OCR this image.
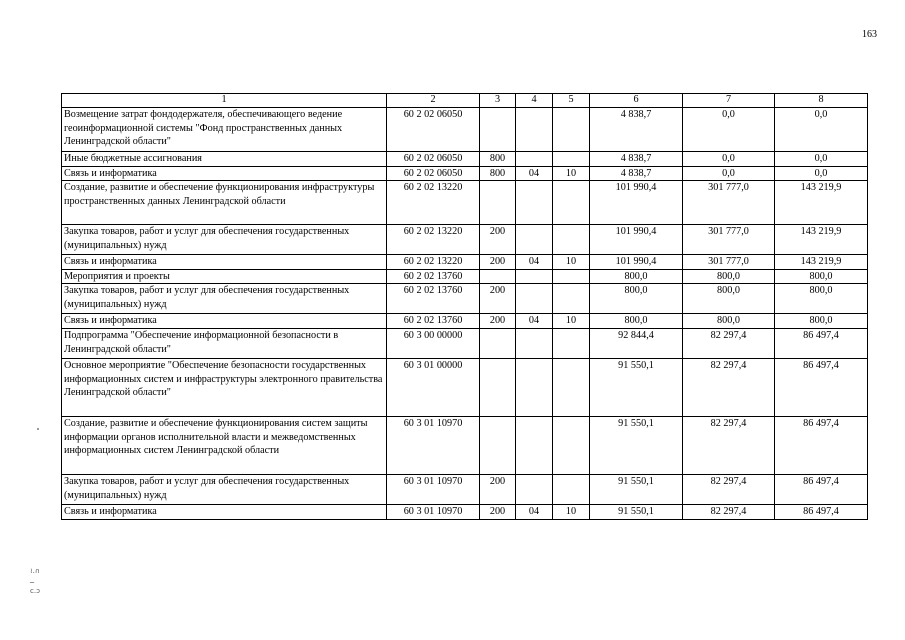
163
1	2	3	4	5	6	7	8
Возмещение затрат фондодержателя, обеспечивающего ведение геоинформационной системы "Фонд пространственных данных Ленинградской области"	60 2 02 06050				4 838,7	0,0	0,0
Иные бюджетные ассигнования	60 2 02 06050	800			4 838,7	0,0	0,0
Связь и информатика	60 2 02 06050	800	04	10	4 838,7	0,0	0,0
Создание, развитие и обеспечение функционирования инфраструктуры пространственных данных Ленинградской области	60 2 02 13220				101 990,4	301 777,0	143 219,9
Закупка товаров, работ и услуг для обеспечения государственных (муниципальных) нужд	60 2 02 13220	200			101 990,4	301 777,0	143 219,9
Связь и информатика	60 2 02 13220	200	04	10	101 990,4	301 777,0	143 219,9
Мероприятия и проекты	60 2 02 13760				800,0	800,0	800,0
Закупка товаров, работ и услуг для обеспечения государственных (муниципальных) нужд	60 2 02 13760	200			800,0	800,0	800,0
Связь и информатика	60 2 02 13760	200	04	10	800,0	800,0	800,0
Подпрограмма "Обеспечение информационной безопасности в Ленинградской области"	60 3 00 00000				92 844,4	82 297,4	86 497,4
Основное мероприятие "Обеспечение безопасности государственных информационных систем и инфраструктуры электронного правительства Ленинградской области"	60 3 01 00000				91 550,1	82 297,4	86 497,4
Создание, развитие и обеспечение функционирования систем защиты информации органов исполнительной власти и межведомственных информационных систем Ленинградской области	60 3 01 10970				91 550,1	82 297,4	86 497,4
Закупка товаров, работ и услуг для обеспечения государственных (муниципальных) нужд	60 3 01 10970	200			91 550,1	82 297,4	86 497,4
Связь и информатика	60 3 01 10970	200	04	10	91 550,1	82 297,4	86 497,4
≀.∩
ــ
ᴄ.ↄ
